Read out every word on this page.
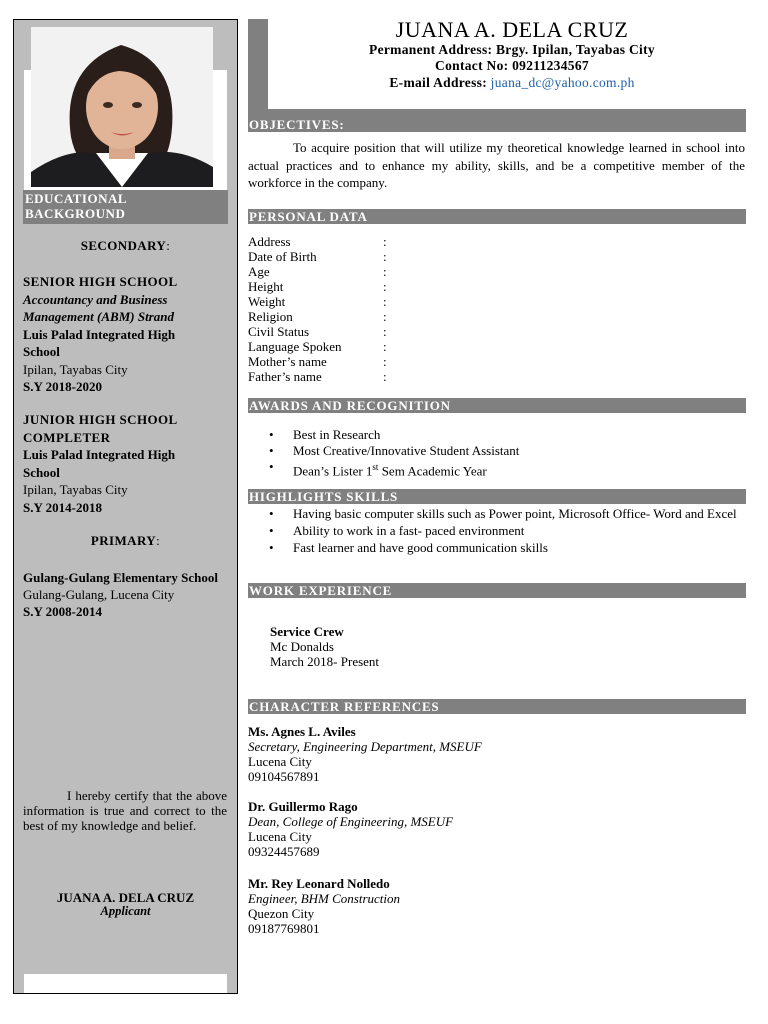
EDUCATIONAL BACKGROUND
SECONDARY:
SENIOR HIGH SCHOOL
Accountancy and Business Management (ABM) Strand
Luis Palad Integrated High School
Ipilan, Tayabas City
S.Y 2018-2020
JUNIOR HIGH SCHOOL COMPLETER
Luis Palad Integrated High School
Ipilan, Tayabas City
S.Y 2014-2018
PRIMARY:
Gulang-Gulang Elementary School
Gulang-Gulang, Lucena City
S.Y 2008-2014
I hereby certify that the above information is true and correct to the best of my knowledge and belief.
JUANA A. DELA CRUZ
Applicant
JUANA A. DELA CRUZ
Permanent Address: Brgy. Ipilan, Tayabas City
Contact No: 09211234567
E-mail Address: juana_dc@yahoo.com.ph
OBJECTIVES:
To acquire position that will utilize my theoretical knowledge learned in school into actual practices and to enhance my ability, skills, and be a competitive member of the workforce in the company.
PERSONAL DATA
Address	:
Date of Birth	:
Age	:
Height	:
Weight	:
Religion	:
Civil Status	:
Language Spoken	:
Mother’s name	:
Father’s name	:
AWARDS AND RECOGNITION
• Best in Research
• Most Creative/Innovative Student Assistant
• Dean’s Lister 1st Sem Academic Year
HIGHLIGHTS SKILLS
• Having basic computer skills such as Power point, Microsoft Office- Word and Excel
• Ability to work in a fast- paced environment
• Fast learner and have good communication skills
WORK EXPERIENCE
Service Crew
Mc Donalds
March 2018- Present
CHARACTER REFERENCES
Ms. Agnes L. Aviles
Secretary, Engineering Department, MSEUF
Lucena City
09104567891
Dr. Guillermo Rago
Dean, College of Engineering, MSEUF
Lucena City
09324457689
Mr. Rey Leonard Nolledo
Engineer, BHM Construction
Quezon City
09187769801
